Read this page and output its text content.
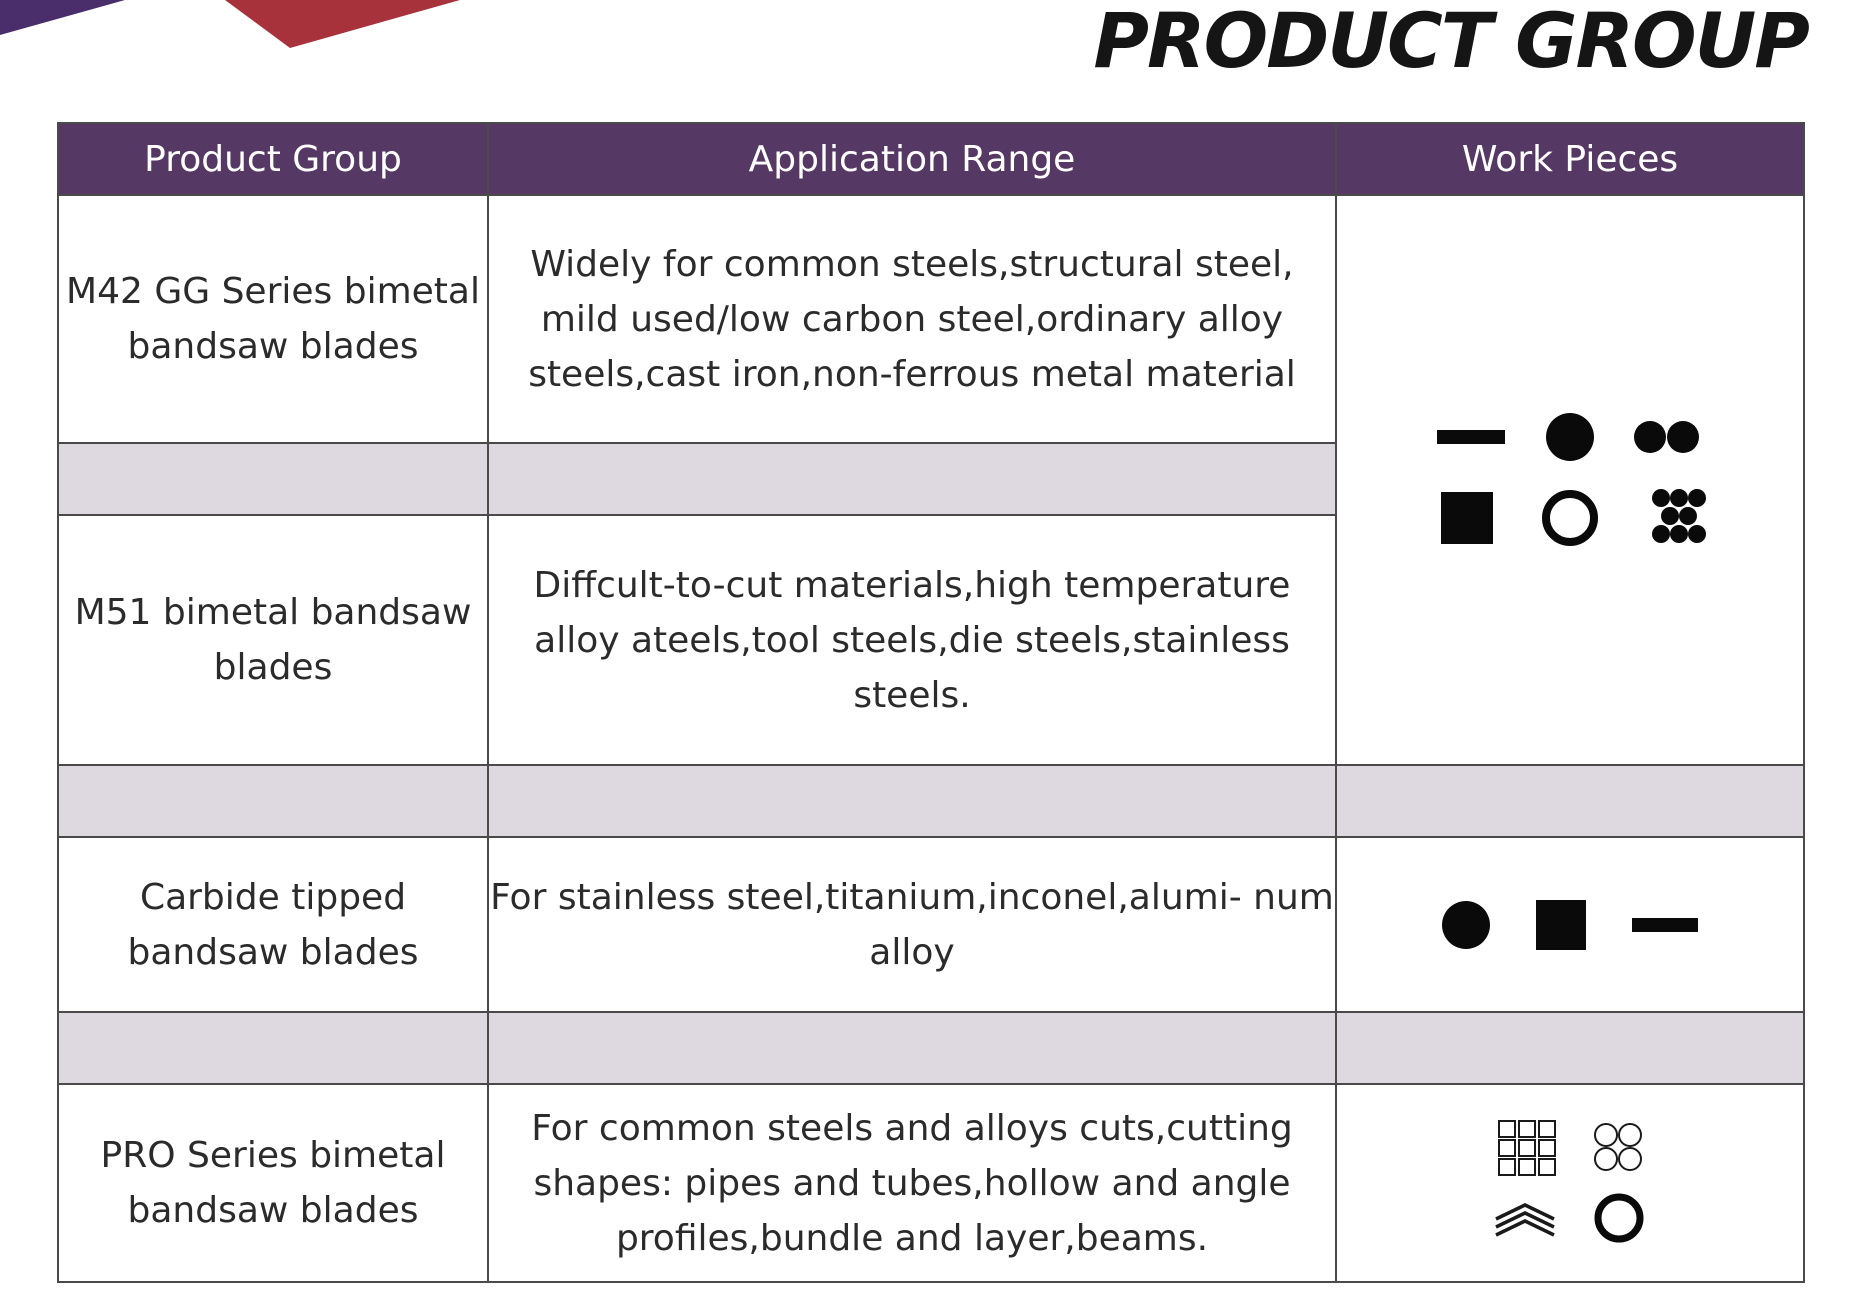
PRODUCT GROUP
Product Group	Application Range	Work Pieces
M42 GG Series bimetal bandsaw blades	Widely for common steels,structural steel, mild used/low carbon steel,ordinary alloy steels,cast iron,non-ferrous metal material	

M51 bimetal bandsaw blades	Diffcult-to-cut materials,high temperature alloy ateels,tool steels,die steels,stainless steels.	

Carbide tipped bandsaw blades	For stainless steel,titanium,inconel,alumi- num alloy	

PRO Series bimetal bandsaw blades	For common steels and alloys cuts,cutting shapes: pipes and tubes,hollow and angle profiles,bundle and layer,beams.	
